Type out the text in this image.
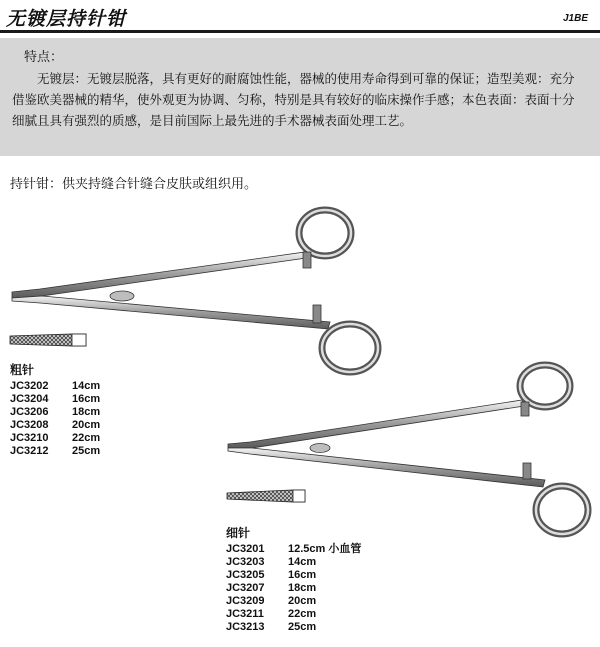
无镀层持针钳	J1BE
特点：
　　无镀层：无镀层脱落，具有更好的耐腐蚀性能，器械的使用寿命得到可靠的保证；造型美观：充分借鉴欧美器械的精华，使外观更为协调、匀称，特别是具有较好的临床操作手感；本色表面：表面十分细腻且具有强烈的质感，是目前国际上最先进的手术器械表面处理工艺。
持针钳：供夹持缝合针缝合皮肤或组织用。
粗针
JC3202 14cm
JC3204 16cm
JC3206 18cm
JC3208 20cm
JC3210 22cm
JC3212 25cm
细针
JC3201 12.5cm 小血管
JC3203 14cm
JC3205 16cm
JC3207 18cm
JC3209 20cm
JC3211 22cm
JC3213 25cm
